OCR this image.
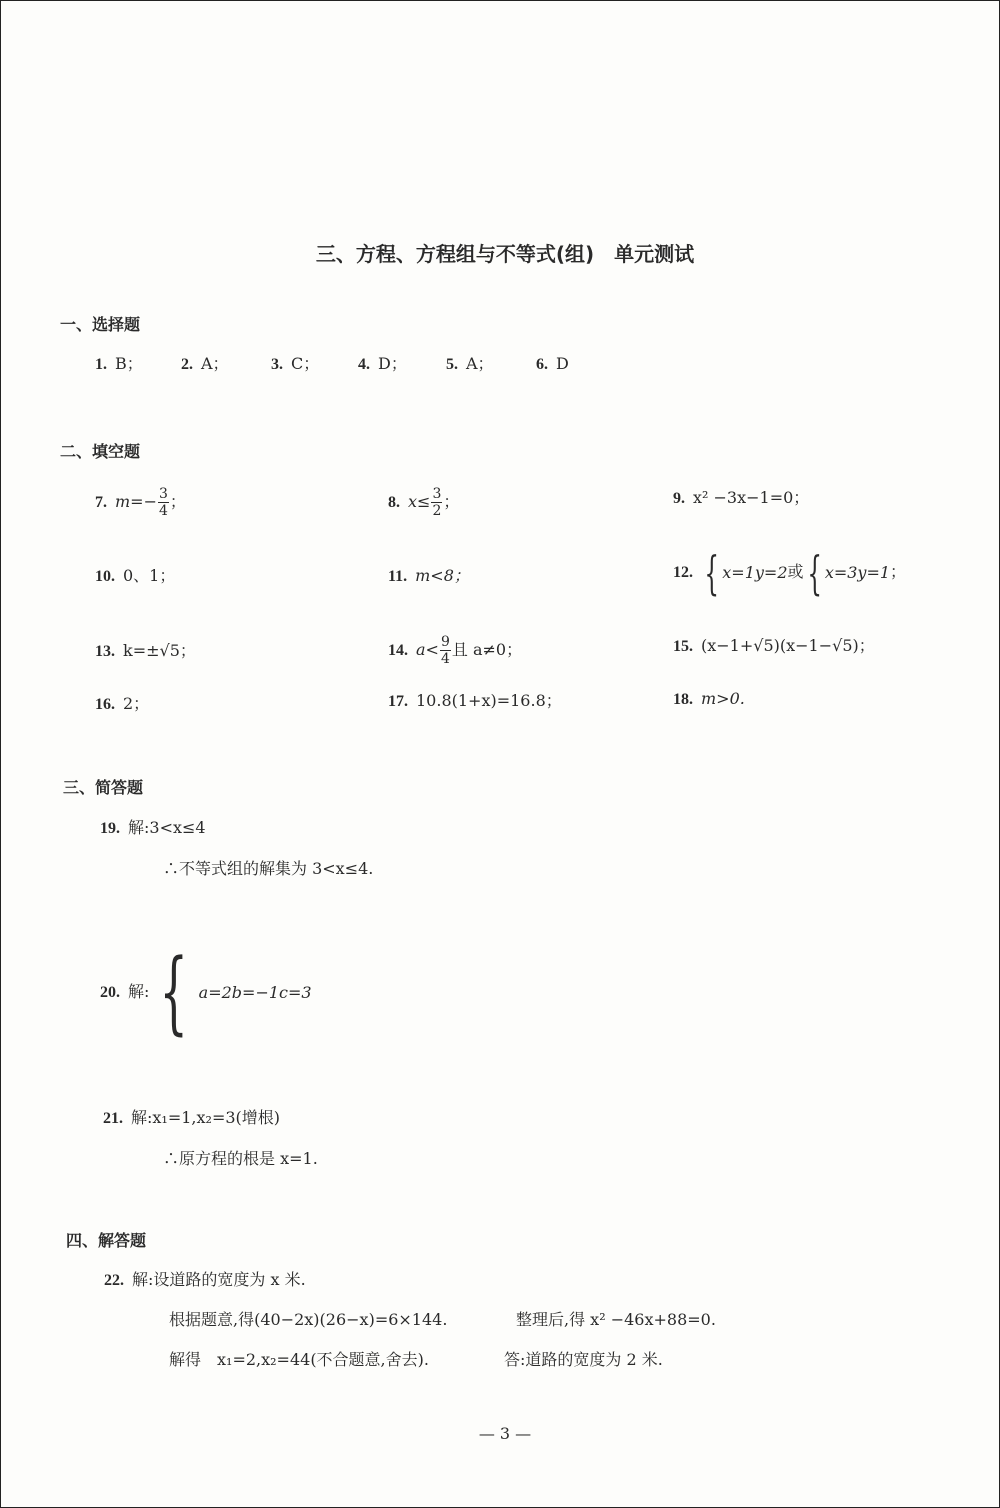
三、方程、方程组与不等式(组)　单元测试
一、选择题
1. B； 2. A；	3. C； 4. D； 5. A；	6. D
二、填空题
7. $m=- \frac{3}{4}$ ；	8. $x\le \frac{3}{2}$ ；	9. x² −3x−1=0；
10. 0、1；	11. m<8；	12. { x=1y=2或{ x=3y=1；
13. k=±√5；	14. $a< \frac{9}{4}$ 且 a≠0；	15. (x−1+√5)(x−1−√5)；
16. 2；	17. 10.8(1+x)=16.8；	18. m>0.
三、简答题
19. 解:3<x≤4
∴不等式组的解集为 3<x≤4.
20. 解: { a=2b=−1c=3
21. 解:x₁=1,x₂=3(增根)
∴原方程的根是 x=1.
四、解答题
22. 解:设道路的宽度为 x 米.
根据题意,得(40−2x)(26−x)=6×144.	整理后,得 x² −46x+88=0.
解得　x₁=2,x₂=44(不合题意,舍去).	答:道路的宽度为 2 米.
— 3 —
